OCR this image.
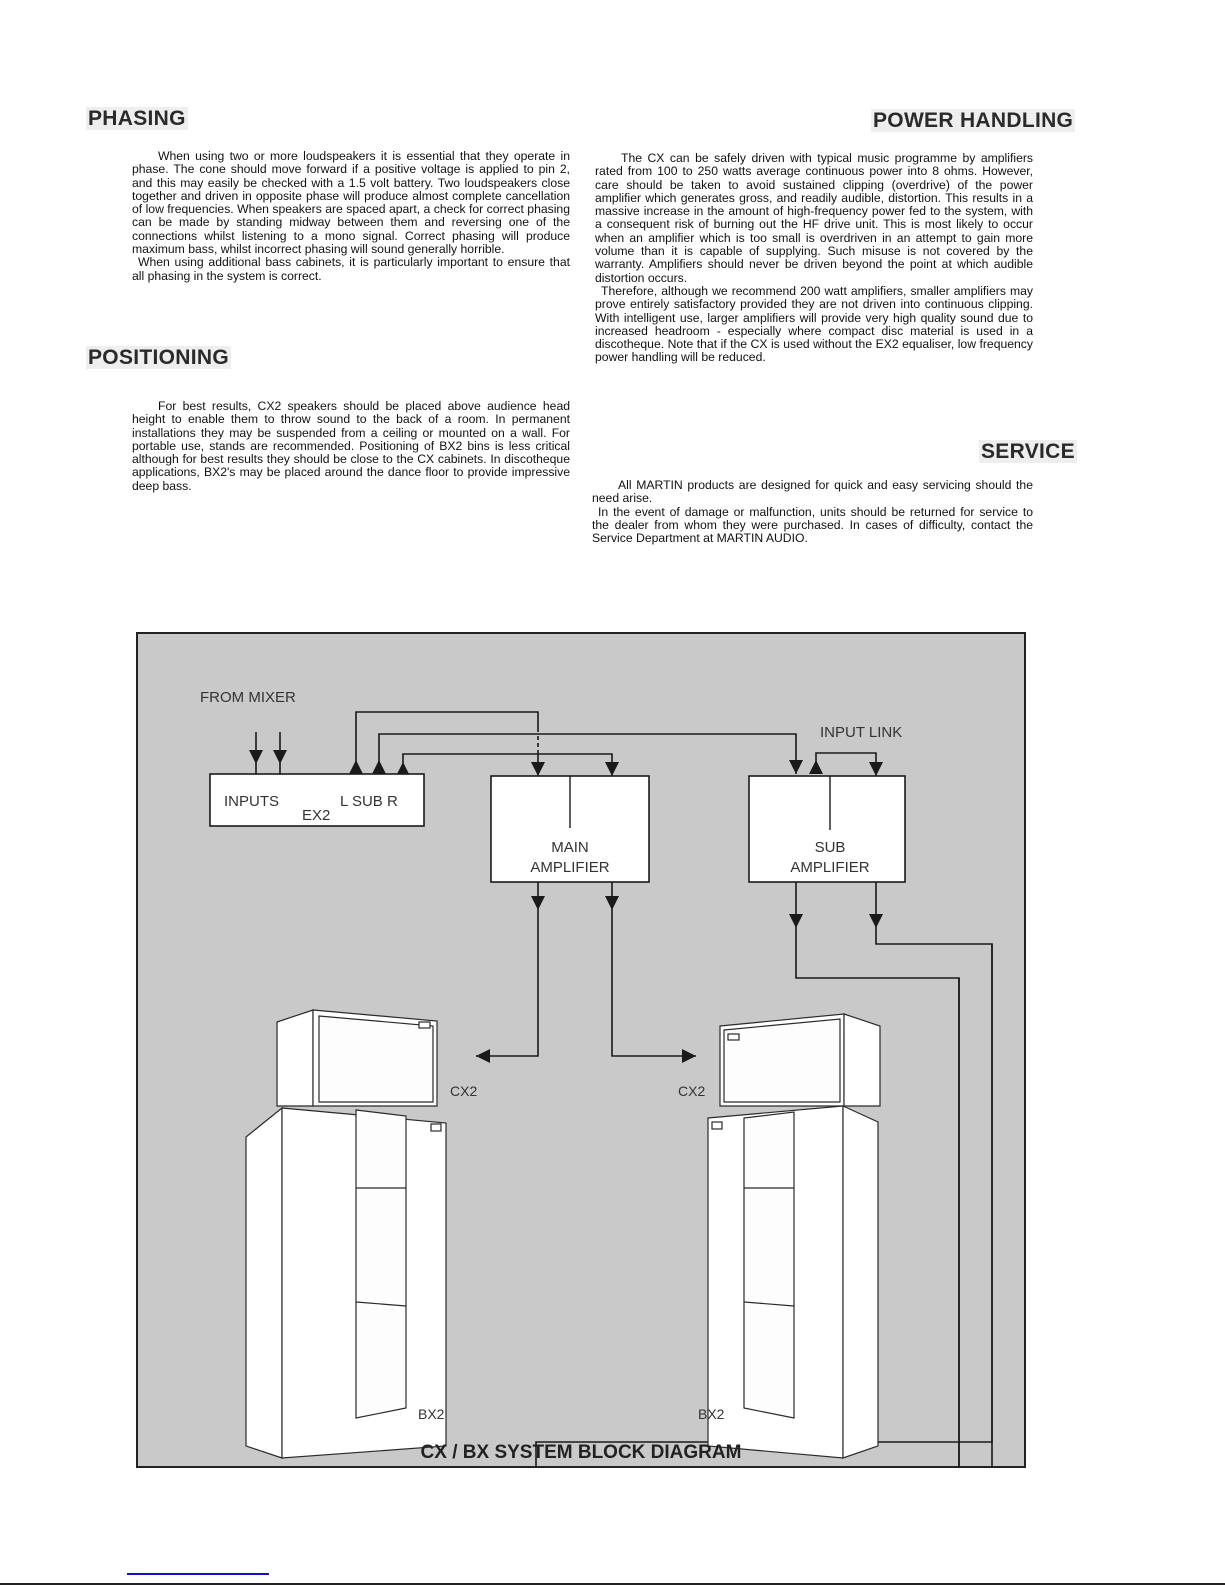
PHASING
POSITIONING
POWER HANDLING
SERVICE

When using two or more loudspeakers it is essential that they operate in phase. The cone should move forward if a positive voltage is applied to pin 2, and this may easily be checked with a 1.5 volt battery. Two loudspeakers close together and driven in opposite phase will produce almost complete cancellation of low frequencies. When speakers are spaced apart, a check for correct phasing can be made by standing midway between them and reversing one of the connections whilst listening to a mono signal. Correct phasing will produce maximum bass, whilst incorrect phasing will sound generally horrible.

When using additional bass cabinets, it is particularly important to ensure that all phasing in the system is correct.

For best results, CX2 speakers should be placed above audience head height to enable them to throw sound to the back of a room. In permanent installations they may be suspended from a ceiling or mounted on a wall. For portable use, stands are recommended. Positioning of BX2 bins is less critical although for best results they should be close to the CX cabinets. In discotheque applications, BX2's may be placed around the dance floor to provide impressive deep bass.

The CX can be safely driven with typical music programme by amplifiers rated from 100 to 250 watts average continuous power into 8 ohms. However, care should be taken to avoid sustained clipping (overdrive) of the power amplifier which generates gross, and readily audible, distortion. This results in a massive increase in the amount of high-frequency power fed to the system, with a consequent risk of burning out the HF drive unit. This is most likely to occur when an amplifier which is too small is overdriven in an attempt to gain more volume than it is capable of supplying. Such misuse is not covered by the warranty. Amplifiers should never be driven beyond the point at which audible distortion occurs.

Therefore, although we recommend 200 watt amplifiers, smaller amplifiers may prove entirely satisfactory provided they are not driven into continuous clipping. With intelligent use, larger amplifiers will provide very high quality sound due to increased headroom - especially where compact disc material is used in a discotheque. Note that if the CX is used without the EX2 equaliser, low frequency power handling will be reduced.

All MARTIN products are designed for quick and easy servicing should the need arise.

In the event of damage or malfunction, units should be returned for service to the dealer from whom they were purchased. In cases of difficulty, contact the Service Department at MARTIN AUDIO.

INPUTS
EX2
L SUB R
FROM MIXER
MAIN
AMPLIFIER
SUB
AMPLIFIER
INPUT LINK
CX2
BX2
CX2
BX2
CX / BX SYSTEM BLOCK DIAGRAM
